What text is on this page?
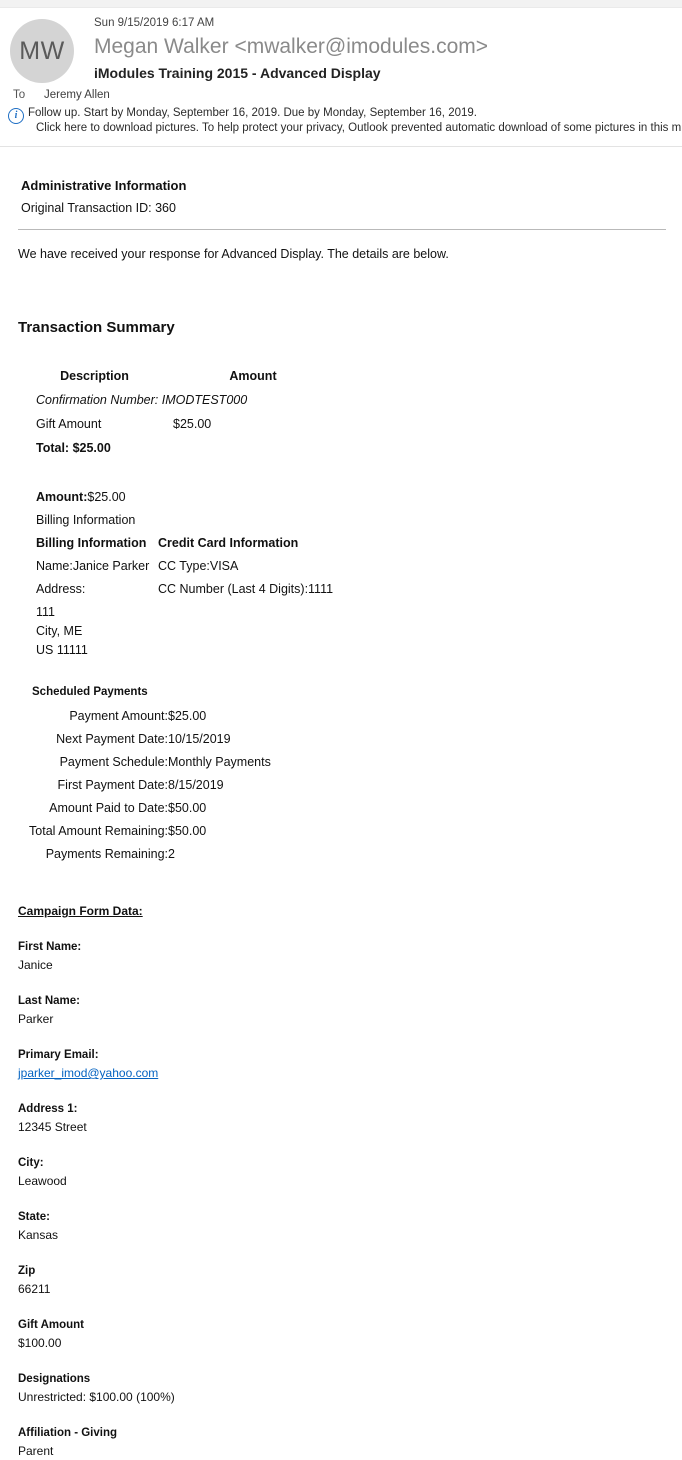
MW
Sun 9/15/2019 6:17 AM
Megan Walker <mwalker@imodules.com>
iModules Training 2015 - Advanced Display
To Jeremy Allen
i Follow up. Start by Monday, September 16, 2019. Due by Monday, September 16, 2019.
Click here to download pictures. To help protect your privacy, Outlook prevented automatic download of some pictures in this m
Administrative Information
Original Transaction ID: 360
We have received your response for Advanced Display. The details are below.
Transaction Summary
Description	Amount
Confirmation Number: IMODTEST000	
Gift Amount	$25.00
Total: $25.00	
Amount:$25.00
Billing Information
Billing Information	Credit Card Information
Name:Janice Parker	CC Type:VISA
Address:	CC Number (Last 4 Digits):1111
111
City, ME
US 11111
Scheduled Payments
Payment Amount:	$25.00
Next Payment Date:	10/15/2019
Payment Schedule:	Monthly Payments
First Payment Date:	8/15/2019
Amount Paid to Date:	$50.00
Total Amount Remaining:	$50.00
Payments Remaining:	2
Campaign Form Data:
First Name:
Janice
Last Name:
Parker
Primary Email:
jparker_imod@yahoo.com
Address 1:
12345 Street
City:
Leawood
State:
Kansas
Zip
66211
Gift Amount
$100.00
Designations
Unrestricted: $100.00 (100%)
Affiliation - Giving
Parent
